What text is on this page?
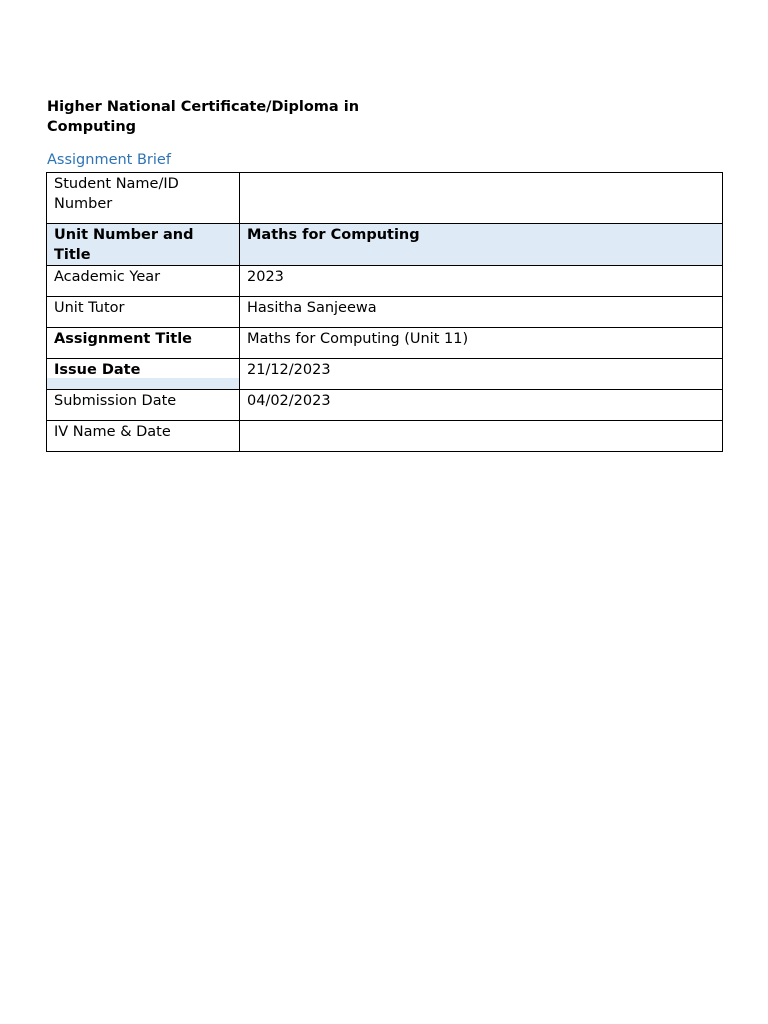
Higher National Certificate/Diploma in Computing
Assignment Brief
Student Name/ID Number	

Unit Number and Title	Maths for Computing

Academic Year	2023

Unit Tutor	Hasitha Sanjeewa

Assignment Title	Maths for Computing (Unit 11)

Issue Date	21/12/2023

Submission Date	04/02/2023

IV Name & Date	
